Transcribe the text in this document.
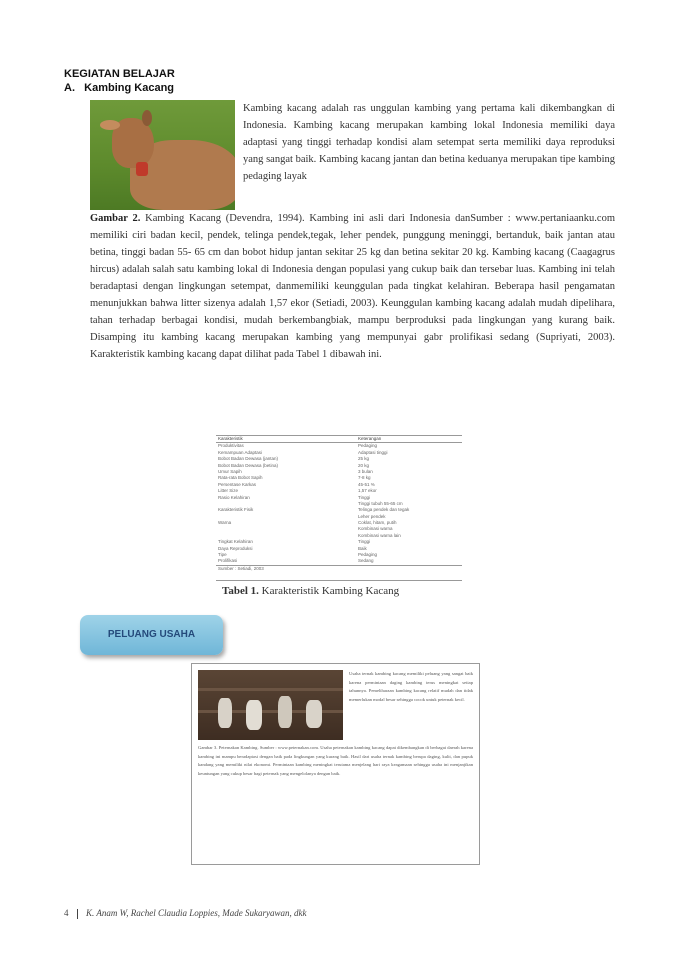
KEGIATAN BELAJAR
A. Kambing Kacang
Kambing kacang adalah ras unggulan kambing yang pertama kali dikembangkan di Indonesia. Kambing kacang merupakan kambing lokal Indonesia memiliki daya adaptasi yang tinggi terhadap kondisi alam setempat serta memiliki daya reproduksi yang sangat baik. Kambing kacang jantan dan betina keduanya merupakan tipe kambing pedaging layak
Gambar 2. Kambing Kacang (Devendra, 1994). Kambing ini asli dari Indonesia danSumber : www.pertaniaanku.com memiliki ciri badan kecil, pendek, telinga pendek,tegak, leher pendek, punggung meninggi, bertanduk, baik jantan atau betina, tinggi badan 55- 65 cm dan bobot hidup jantan sekitar 25 kg dan betina sekitar 20 kg. Kambing kacang (Caagagrus hircus) adalah salah satu kambing lokal di Indonesia dengan populasi yang cukup baik dan tersebar luas. Kambing ini telah beradaptasi dengan lingkungan setempat, danmemiliki keunggulan pada tingkat kelahiran. Beberapa hasil pengamatan menunjukkan bahwa litter sizenya adalah 1,57 ekor (Setiadi, 2003). Keunggulan kambing kacang adalah mudah dipelihara, tahan terhadap berbagai kondisi, mudah berkembangbiak, mampu berproduksi pada lingkungan yang kurang baik. Disamping itu kambing kacang merupakan kambing yang mempunyai gabr prolifikasi sedang (Supriyati, 2003). Karakteristik kambing kacang dapat dilihat pada Tabel 1 dibawah ini.
Karakteristik	Keterangan
Produktivitas	Pedaging
Kemampuan Adaptasi	Adaptasi tinggi
Bobot Badan Dewasa (jantan)	25 kg
Bobot Badan Dewasa (betina)	20 kg
Umur Sapih	3 bulan
Rata-rata Bobot Sapih	7-8 kg
Persentase Karkas	45-51 %
Litter Size	1,57 ekor
Rasio Kelahiran	Tinggi
Tinggi tubuh 55-65 cm
Karakteristik Fisik	Telinga pendek dan tegak
Leher pendek
Warna	Coklat, hitam, putih
Kombinasi warna
Kombinasi warna lain
Tingkat Kelahiran	Tinggi
Daya Reproduksi	Baik
Tipe	Pedaging
Prolifikasi	Sedang
Sumber : Setiadi, 2003
Tabel 1. Karakteristik Kambing Kacang
PELUANG USAHA
Usaha ternak kambing kacang memiliki peluang yang sangat baik karena permintaan daging kambing terus meningkat setiap tahunnya. Pemeliharaan kambing kacang relatif mudah dan tidak memerlukan modal besar sehingga cocok untuk peternak kecil.
Gambar 3. Peternakan Kambing. Sumber : www.peternakan.com. Usaha peternakan kambing kacang dapat dikembangkan di berbagai daerah karena kambing ini mampu beradaptasi dengan baik pada lingkungan yang kurang baik. Hasil dari usaha ternak kambing berupa daging, kulit, dan pupuk kandang yang memiliki nilai ekonomi. Permintaan kambing meningkat terutama menjelang hari raya keagamaan sehingga usaha ini menjanjikan keuntungan yang cukup besar bagi peternak yang mengelolanya dengan baik.
4 K. Anam W, Rachel Claudia Loppies, Made Sukaryawan, dkk
